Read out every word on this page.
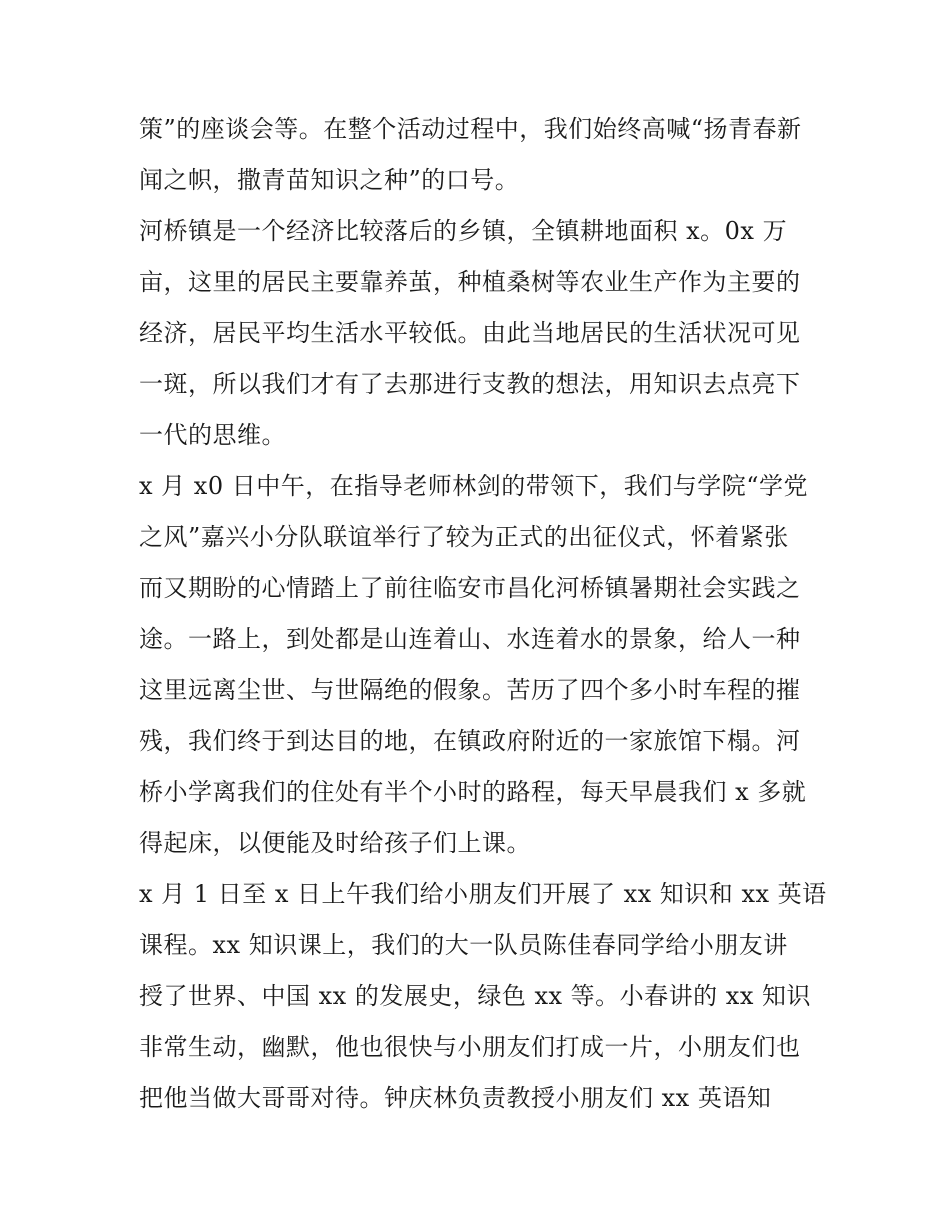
策”的座谈会等。在整个活动过程中，我们始终高喊“扬青春新
闻之帜，撒青苗知识之种”的口号。
河桥镇是一个经济比较落后的乡镇，全镇耕地面积 x。0x 万
亩，这里的居民主要靠养茧，种植桑树等农业生产作为主要的
经济，居民平均生活水平较低。由此当地居民的生活状况可见
一斑，所以我们才有了去那进行支教的想法，用知识去点亮下
一代的思维。
x 月 x0 日中午，在指导老师林剑的带领下，我们与学院“学党
之风”嘉兴小分队联谊举行了较为正式的出征仪式，怀着紧张
而又期盼的心情踏上了前往临安市昌化河桥镇暑期社会实践之
途。一路上，到处都是山连着山、水连着水的景象，给人一种
这里远离尘世、与世隔绝的假象。苦历了四个多小时车程的摧
残，我们终于到达目的地，在镇政府附近的一家旅馆下榻。河
桥小学离我们的住处有半个小时的路程，每天早晨我们 x 多就
得起床，以便能及时给孩子们上课。
x 月 1 日至 x 日上午我们给小朋友们开展了 xx 知识和 xx 英语
课程。xx 知识课上，我们的大一队员陈佳春同学给小朋友讲
授了世界、中国 xx 的发展史，绿色 xx 等。小春讲的 xx 知识
非常生动，幽默，他也很快与小朋友们打成一片，小朋友们也
把他当做大哥哥对待。钟庆林负责教授小朋友们 xx 英语知
